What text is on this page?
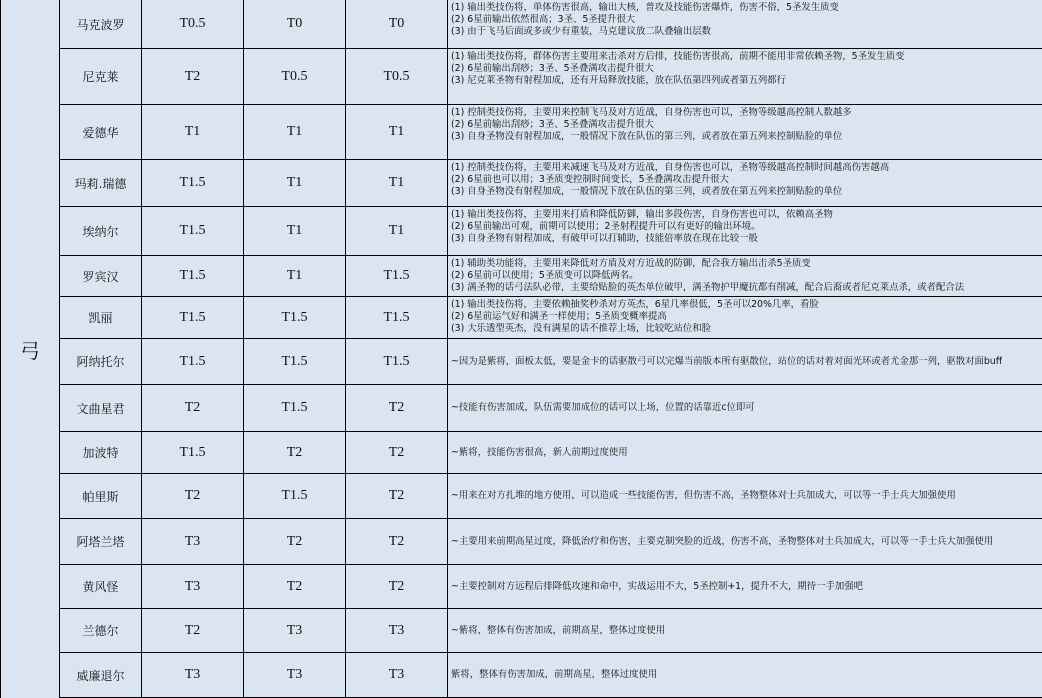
弓
马克波罗	T0.5	T0	T0
(1) 输出类技伤将，单体伤害很高，输出大核，普攻及技能伤害爆炸，伤害不俗，5圣发生质变
(2) 6星前输出依然很高；3圣、5圣提升很大
(3) 由于飞马后面或多或少有重装，马克建议放二队叠输出层数
尼克莱	T2	T0.5	T0.5
(1) 输出类技伤将，群体伤害主要用来击杀对方后排，技能伤害很高，前期不能用非常依赖圣物，5圣发生质变
(2) 6星前输出刮痧；3圣、5圣叠满攻击提升很大
(3) 尼克莱圣物有射程加成，还有开局释放技能，放在队伍第四列或者第五列都行
爱德华	T1	T1	T1
(1) 控制类技伤将，主要用来控制飞马及对方近战，自身伤害也可以，圣物等级越高控制人数越多
(2) 6星前输出刮痧；3圣、5圣叠满攻击提升很大
(3) 自身圣物没有射程加成，一般情况下放在队伍的第三列，或者放在第五列来控制贴脸的单位
玛莉.瑞德	T1.5	T1	T1
(1) 控制类技伤将，主要用来减速飞马及对方近战，自身伤害也可以，圣物等级越高控制时间越高伤害越高
(2) 6星前也可以用；3圣质变控制时间变长，5圣叠满攻击提升很大
(3) 自身圣物没有射程加成，一般情况下放在队伍的第三列，或者放在第五列来控制贴脸的单位
埃纳尔	T1.5	T1	T1
(1) 输出类技伤将，主要用来打盾和降低防御，输出多段伤害，自身伤害也可以，依赖高圣物
(2) 6星前输出可观，前期可以使用；2圣射程提升可以有更好的输出环境。
(3) 自身圣物有射程加成，有破甲可以打辅助，技能倍率放在现在比较一般
罗宾汉	T1.5	T1	T1.5
(1) 辅助类功能将，主要用来降低对方盾及对方近战的防御，配合我方输出击杀5圣质变
(2) 6星前可以使用；5圣质变可以降低两名。
(3) 满圣物的话弓法队必带，主要给贴脸的英杰单位破甲，满圣物护甲魔抗都有削减，配合后裔或者尼克莱点杀，或者配合法
凯丽	T1.5	T1.5	T1.5
(1) 输出类技伤将，主要依赖抽奖秒杀对方英杰，6星几率很低，5圣可以20%几率，看脸
(2) 6星前运气好和满圣一样使用；5圣质变概率提高
(3) 大乐透型英杰，没有满星的话不推荐上场，比较吃站位和脸
阿纳托尔	T1.5	T1.5	T1.5	~因为是紫将，面板太低，要是金卡的话驱散弓可以完爆当前版本所有驱散位，站位的话对着对面光环或者尤金那一列，驱散对面buff
文曲星君	T2	T1.5	T2	~技能有伤害加成，队伍需要加成位的话可以上场，位置的话靠近c位即可
加波特	T1.5	T2	T2	~紫将，技能伤害很高，新人前期过度使用
帕里斯	T2	T1.5	T2	~用来在对方扎堆的地方使用，可以造成一些技能伤害，但伤害不高，圣物整体对士兵加成大，可以等一手士兵大加强使用
阿塔兰塔	T3	T2	T2	~主要用来前期高星过度，降低治疗和伤害，主要克制突脸的近战，伤害不高，圣物整体对士兵加成大，可以等一手士兵大加强使用
黄风怪	T3	T2	T2	~主要控制对方远程后排降低攻速和命中，实战运用不大，5圣控制+1，提升不大，期待一手加强吧
兰德尔	T2	T3	T3	~紫将，整体有伤害加成，前期高星，整体过度使用
威廉退尔	T3	T3	T3	紫将，整体有伤害加成，前期高星，整体过度使用
